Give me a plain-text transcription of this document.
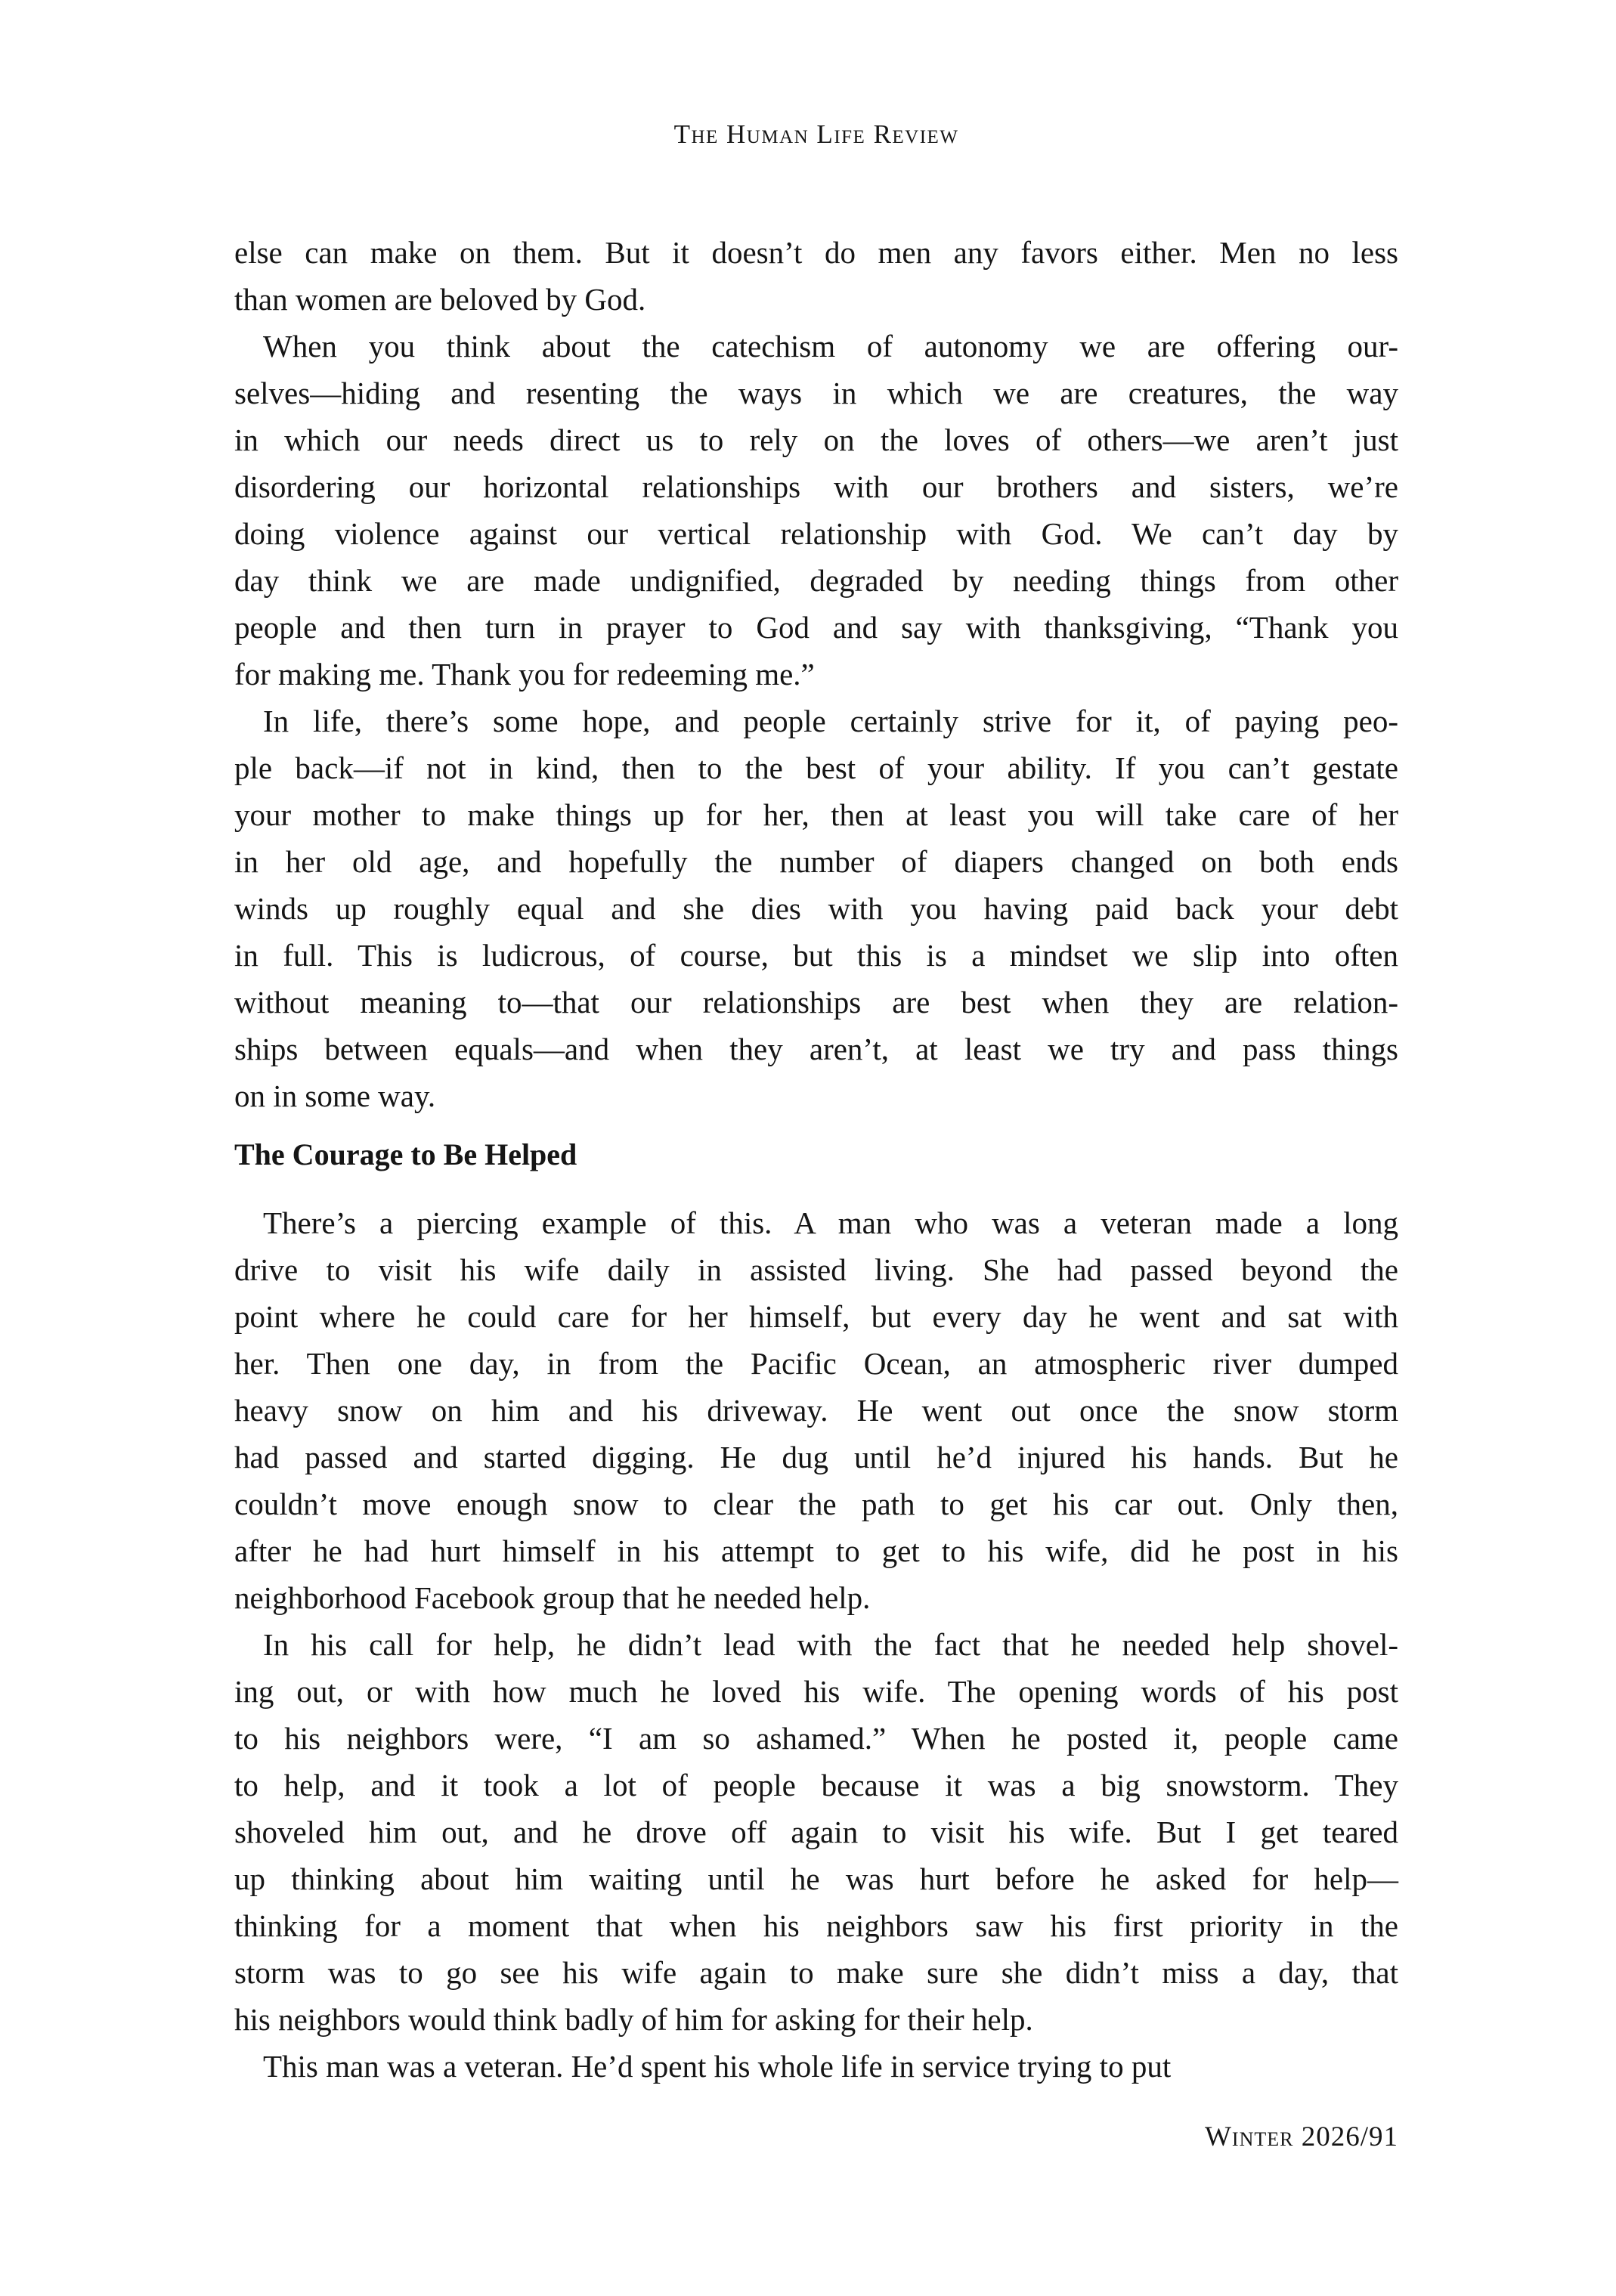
The Human Life Review
else can make on them. But it doesn’t do men any favors either. Men no less
than women are beloved by God.
When you think about the catechism of autonomy we are offering our-
selves—hiding and resenting the ways in which we are creatures, the way
in which our needs direct us to rely on the loves of others—we aren’t just
disordering our horizontal relationships with our brothers and sisters, we’re
doing violence against our vertical relationship with God. We can’t day by
day think we are made undignified, degraded by needing things from other
people and then turn in prayer to God and say with thanksgiving, “Thank you
for making me. Thank you for redeeming me.”
In life, there’s some hope, and people certainly strive for it, of paying peo-
ple back—if not in kind, then to the best of your ability. If you can’t gestate
your mother to make things up for her, then at least you will take care of her
in her old age, and hopefully the number of diapers changed on both ends
winds up roughly equal and she dies with you having paid back your debt
in full. This is ludicrous, of course, but this is a mindset we slip into often
without meaning to—that our relationships are best when they are relation-
ships between equals—and when they aren’t, at least we try and pass things
on in some way.
The Courage to Be Helped
There’s a piercing example of this. A man who was a veteran made a long
drive to visit his wife daily in assisted living. She had passed beyond the
point where he could care for her himself, but every day he went and sat with
her. Then one day, in from the Pacific Ocean, an atmospheric river dumped
heavy snow on him and his driveway. He went out once the snow storm
had passed and started digging. He dug until he’d injured his hands. But he
couldn’t move enough snow to clear the path to get his car out. Only then,
after he had hurt himself in his attempt to get to his wife, did he post in his
neighborhood Facebook group that he needed help.
In his call for help, he didn’t lead with the fact that he needed help shovel-
ing out, or with how much he loved his wife. The opening words of his post
to his neighbors were, “I am so ashamed.” When he posted it, people came
to help, and it took a lot of people because it was a big snowstorm. They
shoveled him out, and he drove off again to visit his wife. But I get teared
up thinking about him waiting until he was hurt before he asked for help—
thinking for a moment that when his neighbors saw his first priority in the
storm was to go see his wife again to make sure she didn’t miss a day, that
his neighbors would think badly of him for asking for their help.
This man was a veteran. He’d spent his whole life in service trying to put
Winter 2026/91
